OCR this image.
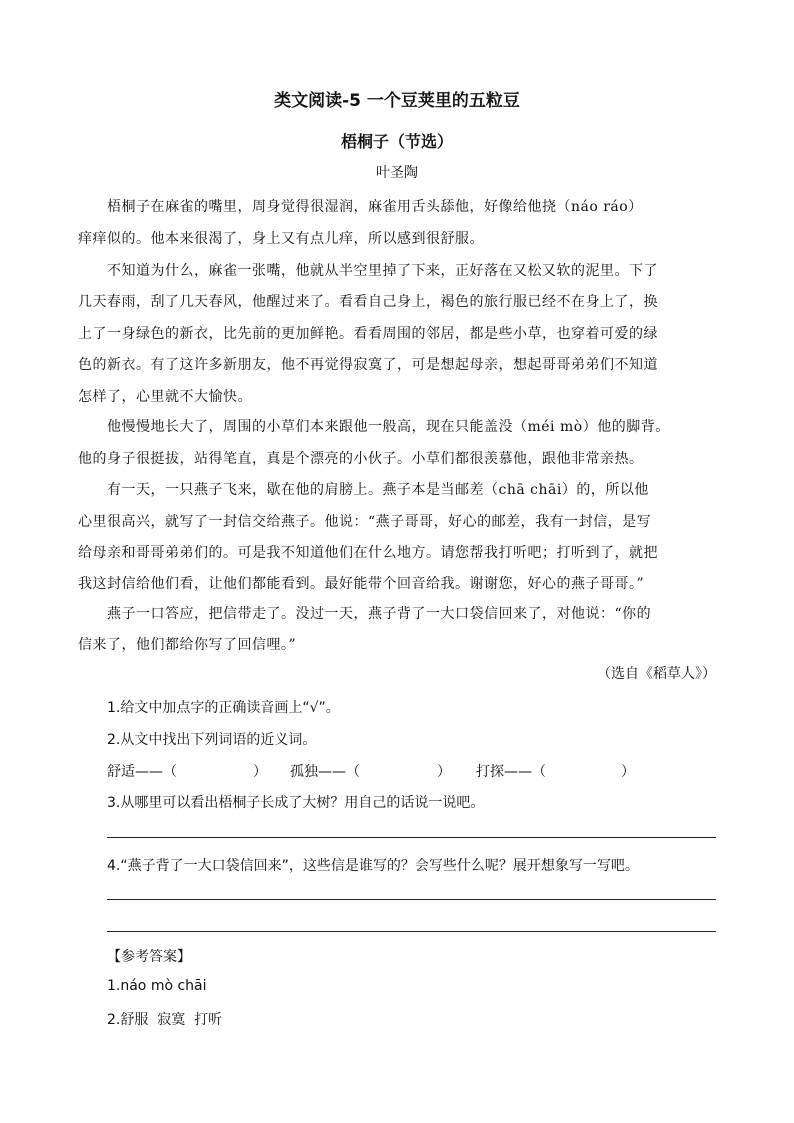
类文阅读-5 一个豆荚里的五粒豆
梧桐子（节选）
叶圣陶
梧桐子在麻雀的嘴里，周身觉得很湿润，麻雀用舌头舔他，好像给他挠（náo ráo）
痒痒似的。他本来很渴了，身上又有点儿痒，所以感到很舒服。
不知道为什么，麻雀一张嘴，他就从半空里掉了下来，正好落在又松又软的泥里。下了
几天春雨，刮了几天春风，他醒过来了。看看自己身上，褐色的旅行服已经不在身上了，换
上了一身绿色的新衣，比先前的更加鲜艳。看看周围的邻居，都是些小草，也穿着可爱的绿
色的新衣。有了这许多新朋友，他不再觉得寂寞了，可是想起母亲，想起哥哥弟弟们不知道
怎样了，心里就不大愉快。
他慢慢地长大了，周围的小草们本来跟他一般高，现在只能盖没（méi mò）他的脚背。
他的身子很挺拔，站得笔直，真是个漂亮的小伙子。小草们都很羡慕他，跟他非常亲热。
有一天，一只燕子飞来，歇在他的肩膀上。燕子本是当邮差（chā chāi）的，所以他
心里很高兴，就写了一封信交给燕子。他说：“燕子哥哥，好心的邮差，我有一封信，是写
给母亲和哥哥弟弟们的。可是我不知道他们在什么地方。请您帮我打听吧；打听到了，就把
我这封信给他们看，让他们都能看到。最好能带个回音给我。谢谢您，好心的燕子哥哥。”
燕子一口答应，把信带走了。没过一天，燕子背了一大口袋信回来了，对他说：“你的
信来了，他们都给你写了回信哩。”
（选自《稻草人》）
1.给文中加点字的正确读音画上“√”。
2.从文中找出下列词语的近义词。
舒适——（	） 孤独——（	） 打探——（	）
3.从哪里可以看出梧桐子长成了大树？用自己的话说一说吧。
4.“燕子背了一大口袋信回来”，这些信是谁写的？会写些什么呢？展开想象写一写吧。
【参考答案】
1.náo mò chāi
2.舒服  寂寞  打听
